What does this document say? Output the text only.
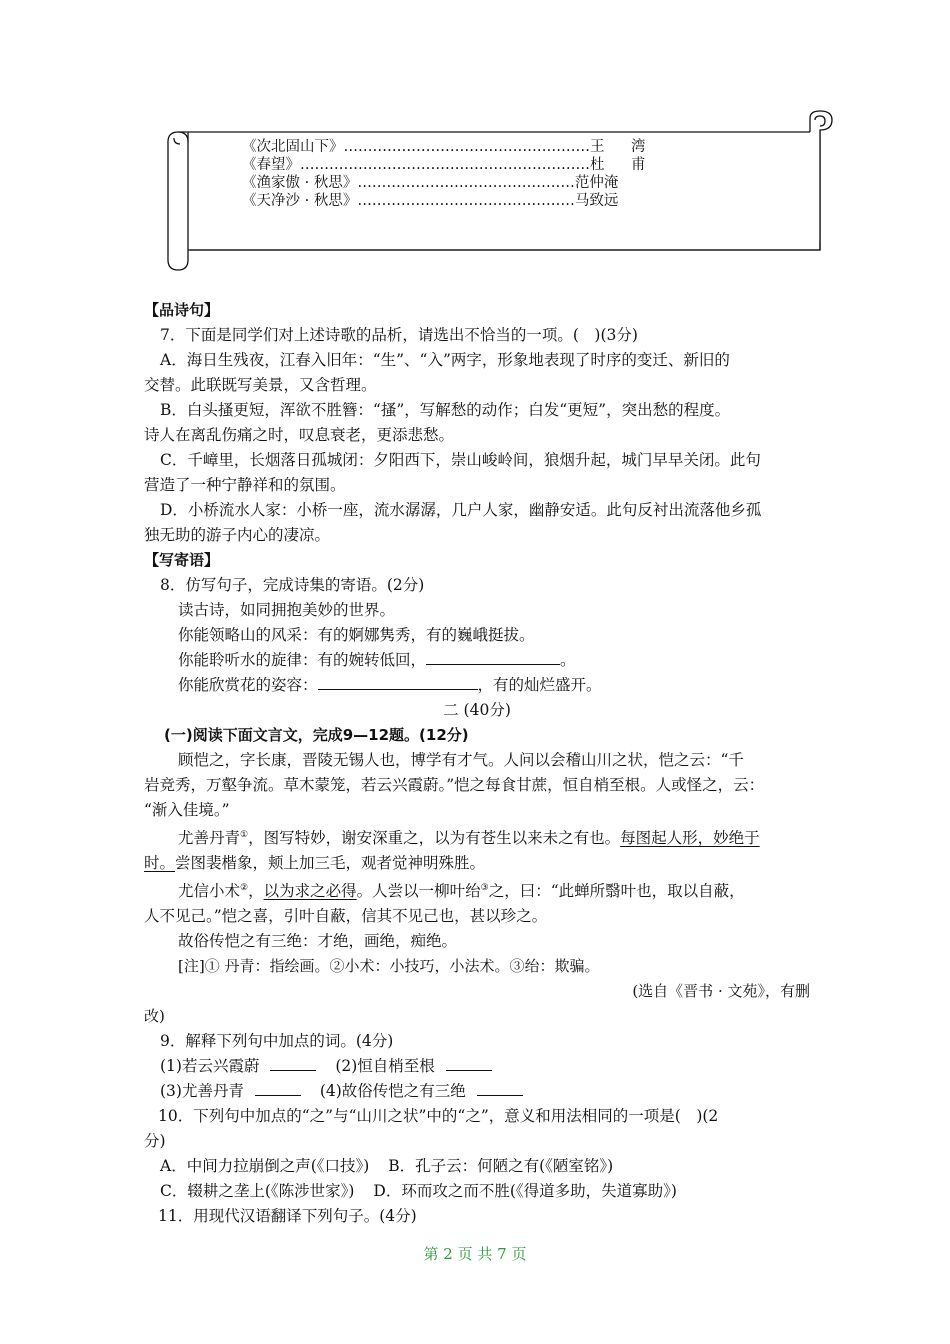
《次北固山下》……………………………………………王　湾
《春望》……………………………………………………杜　甫
《渔家傲 · 秋思》………………………………………范仲淹
《天净沙 · 秋思》………………………………………马致远
【品诗句】
7．下面是同学们对上述诗歌的品析，请选出不恰当的一项。(　)(3分)
A．海日生残夜，江春入旧年：“生”、“入”两字，形象地表现了时序的变迁、新旧的
交替。此联既写美景，又含哲理。
B．白头搔更短，浑欲不胜簪：“搔”，写解愁的动作；白发“更短”，突出愁的程度。
诗人在离乱伤痛之时，叹息衰老，更添悲愁。
C．千嶂里，长烟落日孤城闭：夕阳西下，崇山峻岭间，狼烟升起，城门早早关闭。此句
营造了一种宁静祥和的氛围。
D．小桥流水人家：小桥一座，流水潺潺，几户人家，幽静安适。此句反衬出流落他乡孤
独无助的游子内心的凄凉。
【写寄语】
8．仿写句子，完成诗集的寄语。(2分)
读古诗，如同拥抱美妙的世界。
你能领略山的风采：有的婀娜隽秀，有的巍峨挺拔。
你能聆听水的旋律：有的婉转低回，	。
你能欣赏花的姿容：	，有的灿烂盛开。
二 (40分)
(一)阅读下面文言文，完成9—12题。(12分)
顾恺之，字长康，晋陵无锡人也，博学有才气。人问以会稽山川之状，恺之云：“千
岩竞秀，万壑争流。草木蒙笼，若云兴霞蔚。”恺之每食甘蔗，恒自梢至根。人或怪之，云：
“渐入佳境。”
尤善丹青①，图写特妙，谢安深重之，以为有苍生以来未之有也。每图起人形，妙绝于
时。尝图裴楷象，颊上加三毛，观者觉神明殊胜。
尤信小术②，以为求之必得。人尝以一柳叶绐③之，曰：“此蝉所翳叶也，取以自蔽，
人不见己。”恺之喜，引叶自蔽，信其不见己也，甚以珍之。
故俗传恺之有三绝：才绝，画绝，痴绝。
[注]① 丹青：指绘画。②小术：小技巧，小法术。③绐：欺骗。
(选自《晋书 · 文苑》，有删
改)
9．解释下列句中加点的词。(4分)
(1)若云兴霞蔚	(2)恒自梢至根
(3)尤善丹青	(4)故俗传恺之有三绝
10．下列句中加点的“之”与“山川之状”中的“之”，意义和用法相同的一项是(　)(2
分)
A．中间力拉崩倒之声(《口技》) B．孔子云：何陋之有(《陋室铭》)
C．辍耕之垄上(《陈涉世家》) D．环而攻之而不胜(《得道多助，失道寡助》)
11．用现代汉语翻译下列句子。(4分)
第 2 页 共 7 页
